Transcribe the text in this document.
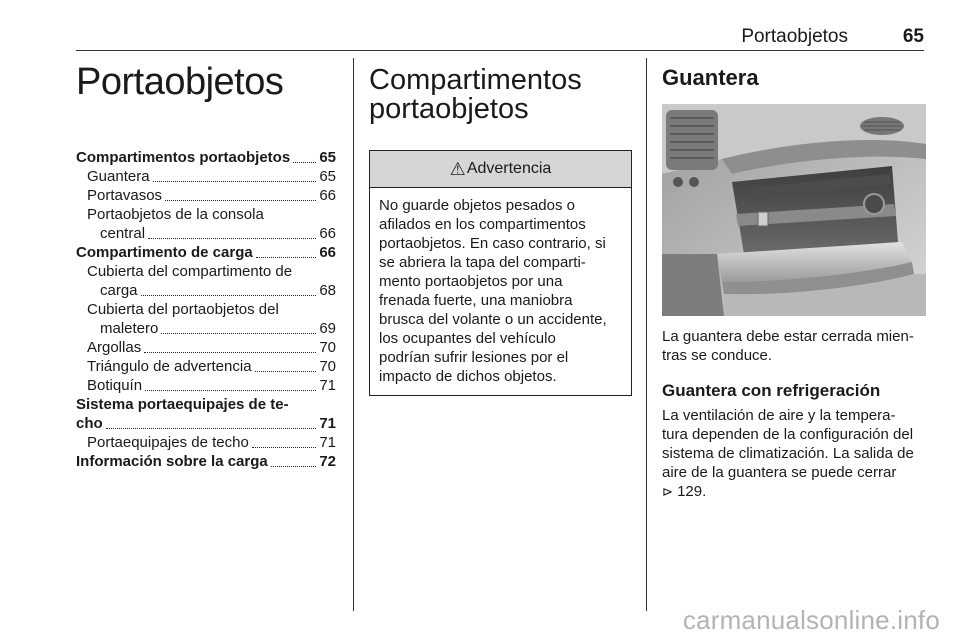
Portaobjetos	65
Portaobjetos
Compartimentos portaobjetos 65
Guantera	65
Portavasos	66
Portaobjetos de la consola
central	66
Compartimento de carga	66
Cubierta del compartimento de
carga	68
Cubierta del portaobjetos del
maletero	69
Argollas	70
Triángulo de advertencia	70
Botiquín	71
Sistema portaequipajes de te-
cho	71
Portaequipajes de techo	71
Información sobre la carga	72
Compartimentos
portaobjetos
⚠ Advertencia
No guarde objetos pesados o
afilados en los compartimentos
portaobjetos. En caso contrario, si
se abriera la tapa del comparti-
mento portaobjetos por una
frenada fuerte, una maniobra
brusca del volante o un accidente,
los ocupantes del vehículo
podrían sufrir lesiones por el
impacto de dichos objetos.
Guantera
La guantera debe estar cerrada mien-
tras se conduce.
Guantera con refrigeración
La ventilación de aire y la tempera-
tura dependen de la configuración del
sistema de climatización. La salida de
aire de la guantera se puede cerrar
⊳ 129.
carmanualsonline.info
